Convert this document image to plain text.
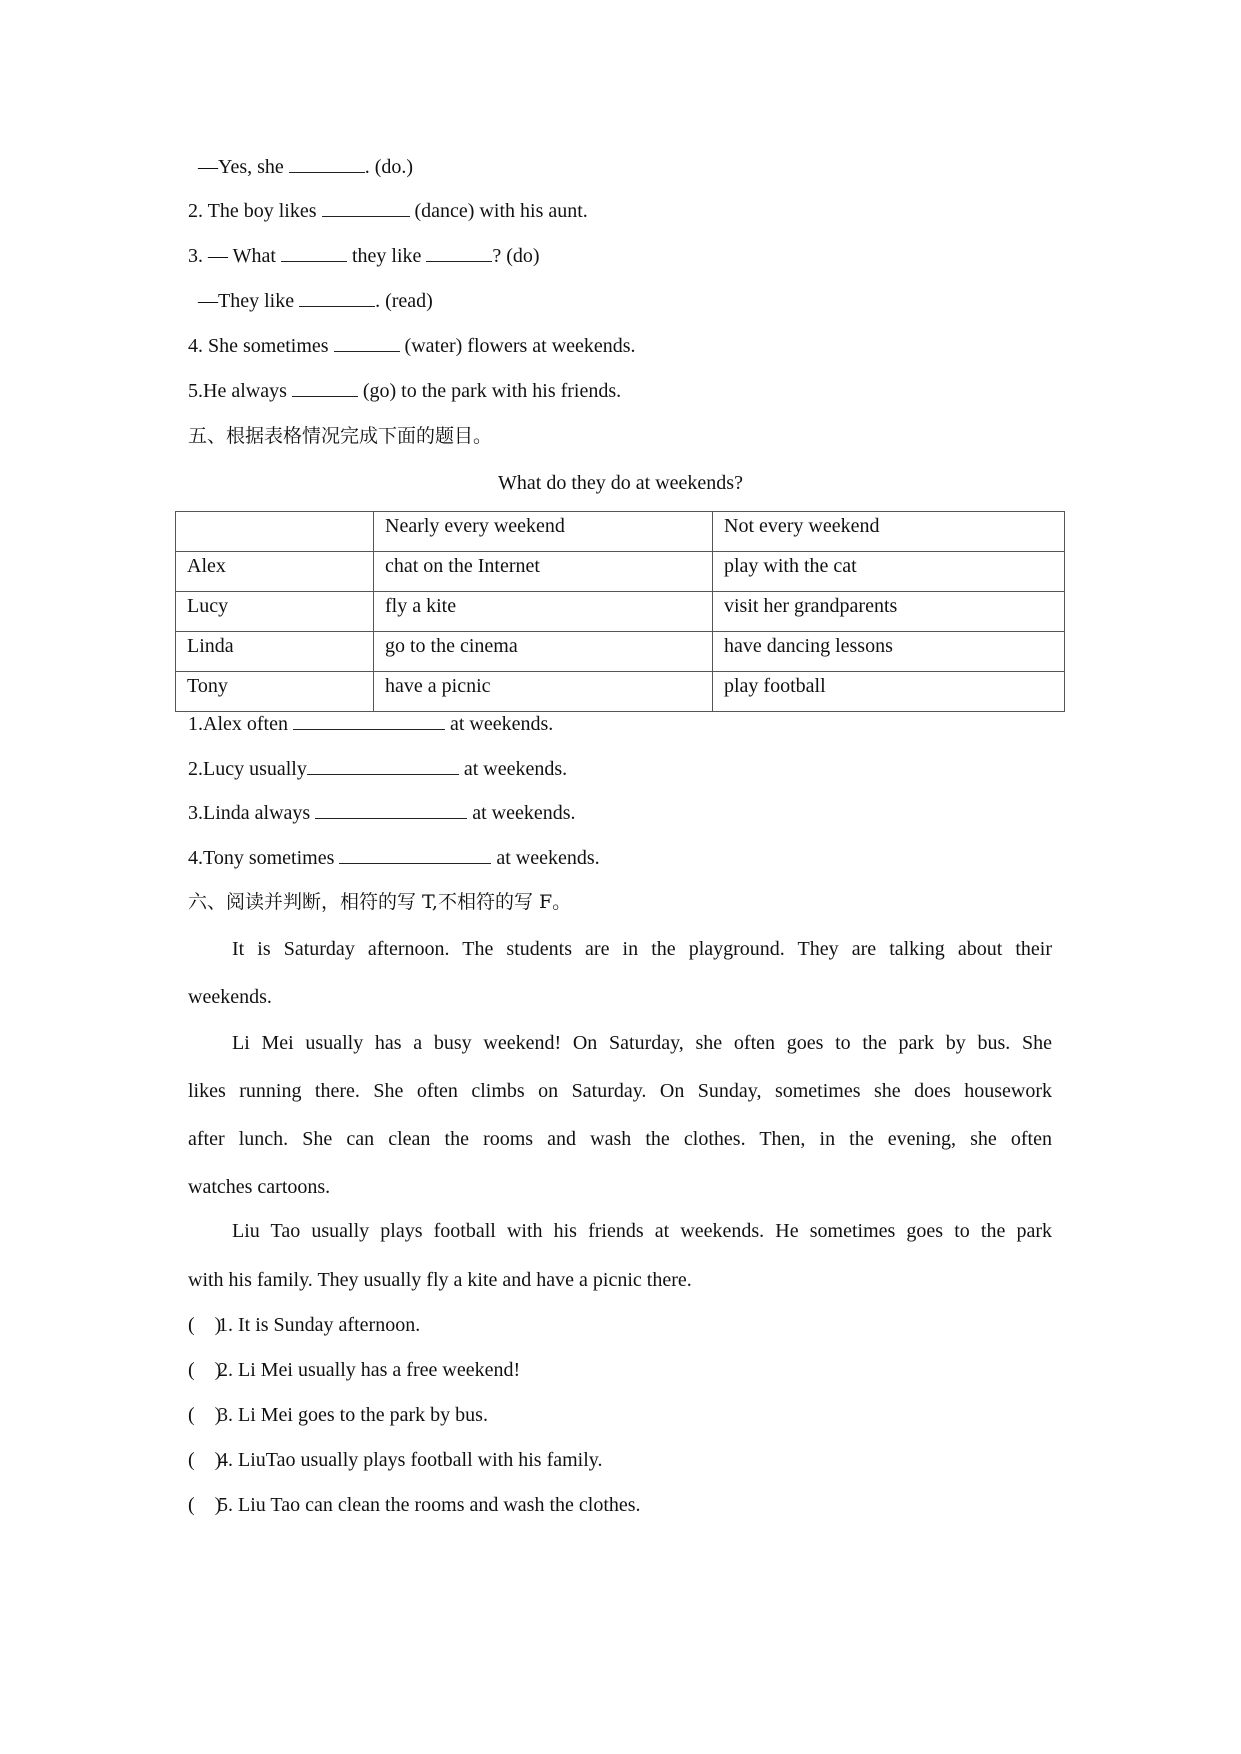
—Yes, she	. (do.)
2. The boy likes	(dance) with his aunt.
3. — What	they like	? (do)
—They like	. (read)
4. She sometimes	(water) flowers at weekends.
5.He always	(go) to the park with his friends.
五、根据表格情况完成下面的题目。
What do they do at weekends?
	Nearly every weekend	Not every weekend
Alex	chat on the Internet	play with the cat
Lucy	fly a kite	visit her grandparents
Linda	go to the cinema	have dancing lessons
Tony	have a picnic	play football
1.Alex often	at weekends.
2.Lucy usually	at weekends.
3.Linda always	at weekends.
4.Tony sometimes	at weekends.
六、阅读并判断，相符的写 T,不相符的写 F。
It is Saturday afternoon. The students are in the playground. They are talking about their
weekends.
Li Mei usually has a busy weekend! On Saturday, she often goes to the park by bus. She
likes running there. She often climbs on Saturday. On Sunday, sometimes she does housework
after lunch. She can clean the rooms and wash the clothes. Then, in the evening, she often
watches cartoons.
Liu Tao usually plays football with his friends at weekends. He sometimes goes to the park
with his family. They usually fly a kite and have a picnic there.
(    )1. It is Sunday afternoon.
(    )2. Li Mei usually has a free weekend!
(    )3. Li Mei goes to the park by bus.
(    )4. LiuTao usually plays football with his family.
(    )5. Liu Tao can clean the rooms and wash the clothes.
